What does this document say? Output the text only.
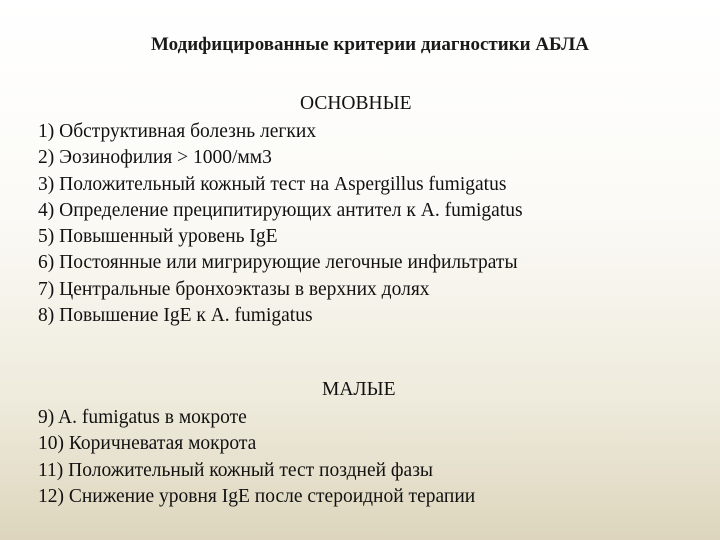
Модифицированные критерии диагностики АБЛА
ОСНОВНЫЕ
1) Обструктивная болезнь легких
2) Эозинофилия > 1000/мм3
3) Положительный кожный тест на Aspergillus fumigatus
4) Определение преципитирующих антител к A. fumigatus
5) Повышенный уровень IgE
6) Постоянные или мигрирующие легочные инфильтраты
7) Центральные бронхоэктазы в верхних долях
8) Повышение IgE к A. fumigatus
МАЛЫЕ
9) A. fumigatus в мокроте
10) Коричневатая мокрота
11) Положительный кожный тест поздней фазы
12) Снижение уровня IgE после стероидной терапии
